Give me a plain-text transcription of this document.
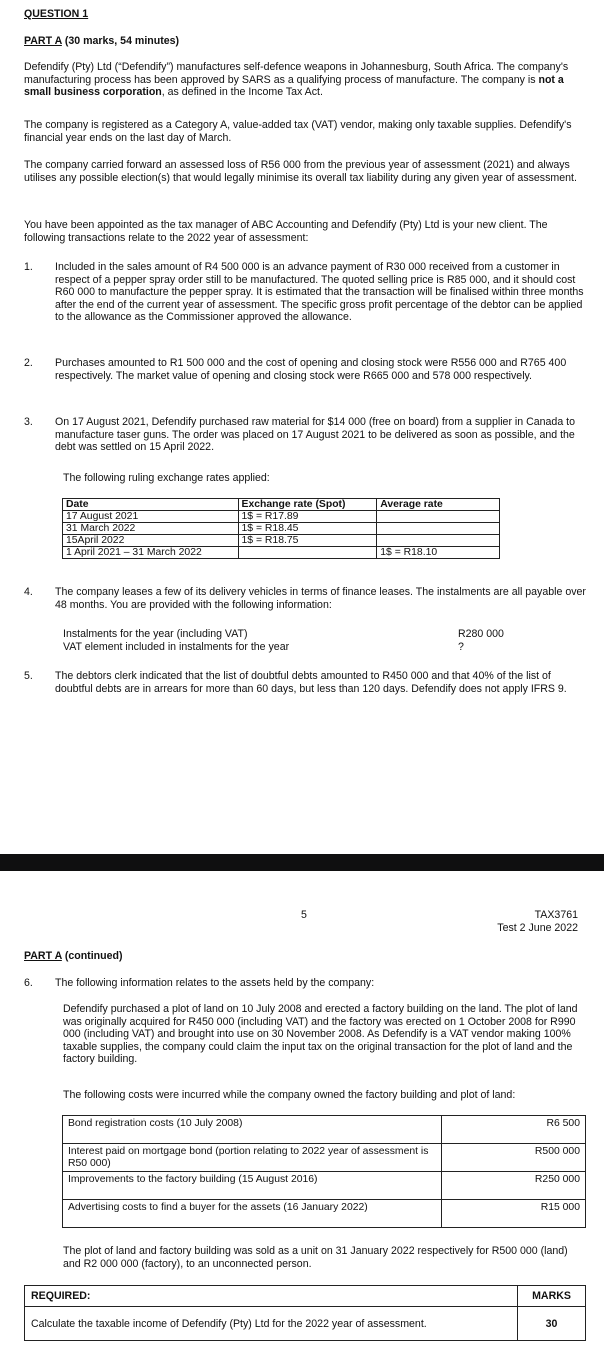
QUESTION 1
PART A (30 marks, 54 minutes)
Defendify (Pty) Ltd (“Defendify”) manufactures self-defence weapons in Johannesburg, South Africa. The company's manufacturing process has been approved by SARS as a qualifying process of manufacture. The company is not a small business corporation, as defined in the Income Tax Act.
The company is registered as a Category A, value-added tax (VAT) vendor, making only taxable supplies. Defendify's financial year ends on the last day of March.
The company carried forward an assessed loss of R56 000 from the previous year of assessment (2021) and always utilises any possible election(s) that would legally minimise its overall tax liability during any given year of assessment.
You have been appointed as the tax manager of ABC Accounting and Defendify (Pty) Ltd is your new client. The following transactions relate to the 2022 year of assessment:
1. Included in the sales amount of R4 500 000 is an advance payment of R30 000 received from a customer in respect of a pepper spray order still to be manufactured. The quoted selling price is R85 000, and it should cost R60 000 to manufacture the pepper spray. It is estimated that the transaction will be finalised within three months after the end of the current year of assessment. The specific gross profit percentage of the debtor can be applied to the allowance as the Commissioner approved the allowance.
2. Purchases amounted to R1 500 000 and the cost of opening and closing stock were R556 000 and R765 400 respectively. The market value of opening and closing stock were R665 000 and 578 000 respectively.
3. On 17 August 2021, Defendify purchased raw material for $14 000 (free on board) from a supplier in Canada to manufacture taser guns. The order was placed on 17 August 2021 to be delivered as soon as possible, and the debt was settled on 15 April 2022.
The following ruling exchange rates applied:
Date	Exchange rate (Spot)	Average rate
17 August 2021	1$ = R17.89	
31 March 2022	1$ = R18.45	
15April 2022	1$ = R18.75	
1 April 2021 – 31 March 2022		1$ = R18.10
4. The company leases a few of its delivery vehicles in terms of finance leases. The instalments are all payable over 48 months. You are provided with the following information:
Instalments for the year (including VAT)	R280 000
VAT element included in instalments for the year	?
5. The debtors clerk indicated that the list of doubtful debts amounted to R450 000 and that 40% of the list of doubtful debts are in arrears for more than 60 days, but less than 120 days. Defendify does not apply IFRS 9.
5	TAX3761
Test 2 June 2022
PART A (continued)
6. The following information relates to the assets held by the company:
Defendify purchased a plot of land on 10 July 2008 and erected a factory building on the land. The plot of land was originally acquired for R450 000 (including VAT) and the factory was erected on 1 October 2008 for R990 000 (including VAT) and brought into use on 30 November 2008. As Defendify is a VAT vendor making 100% taxable supplies, the company could claim the input tax on the original transaction for the plot of land and the factory building.
The following costs were incurred while the company owned the factory building and plot of land:
Bond registration costs (10 July 2008)	R6 500
Interest paid on mortgage bond (portion relating to 2022 year of assessment is R50 000)	R500 000
Improvements to the factory building (15 August 2016)	R250 000
Advertising costs to find a buyer for the assets (16 January 2022)	R15 000
The plot of land and factory building was sold as a unit on 31 January 2022 respectively for R500 000 (land) and R2 000 000 (factory), to an unconnected person.
REQUIRED:	MARKS
Calculate the taxable income of Defendify (Pty) Ltd for the 2022 year of assessment.	30
